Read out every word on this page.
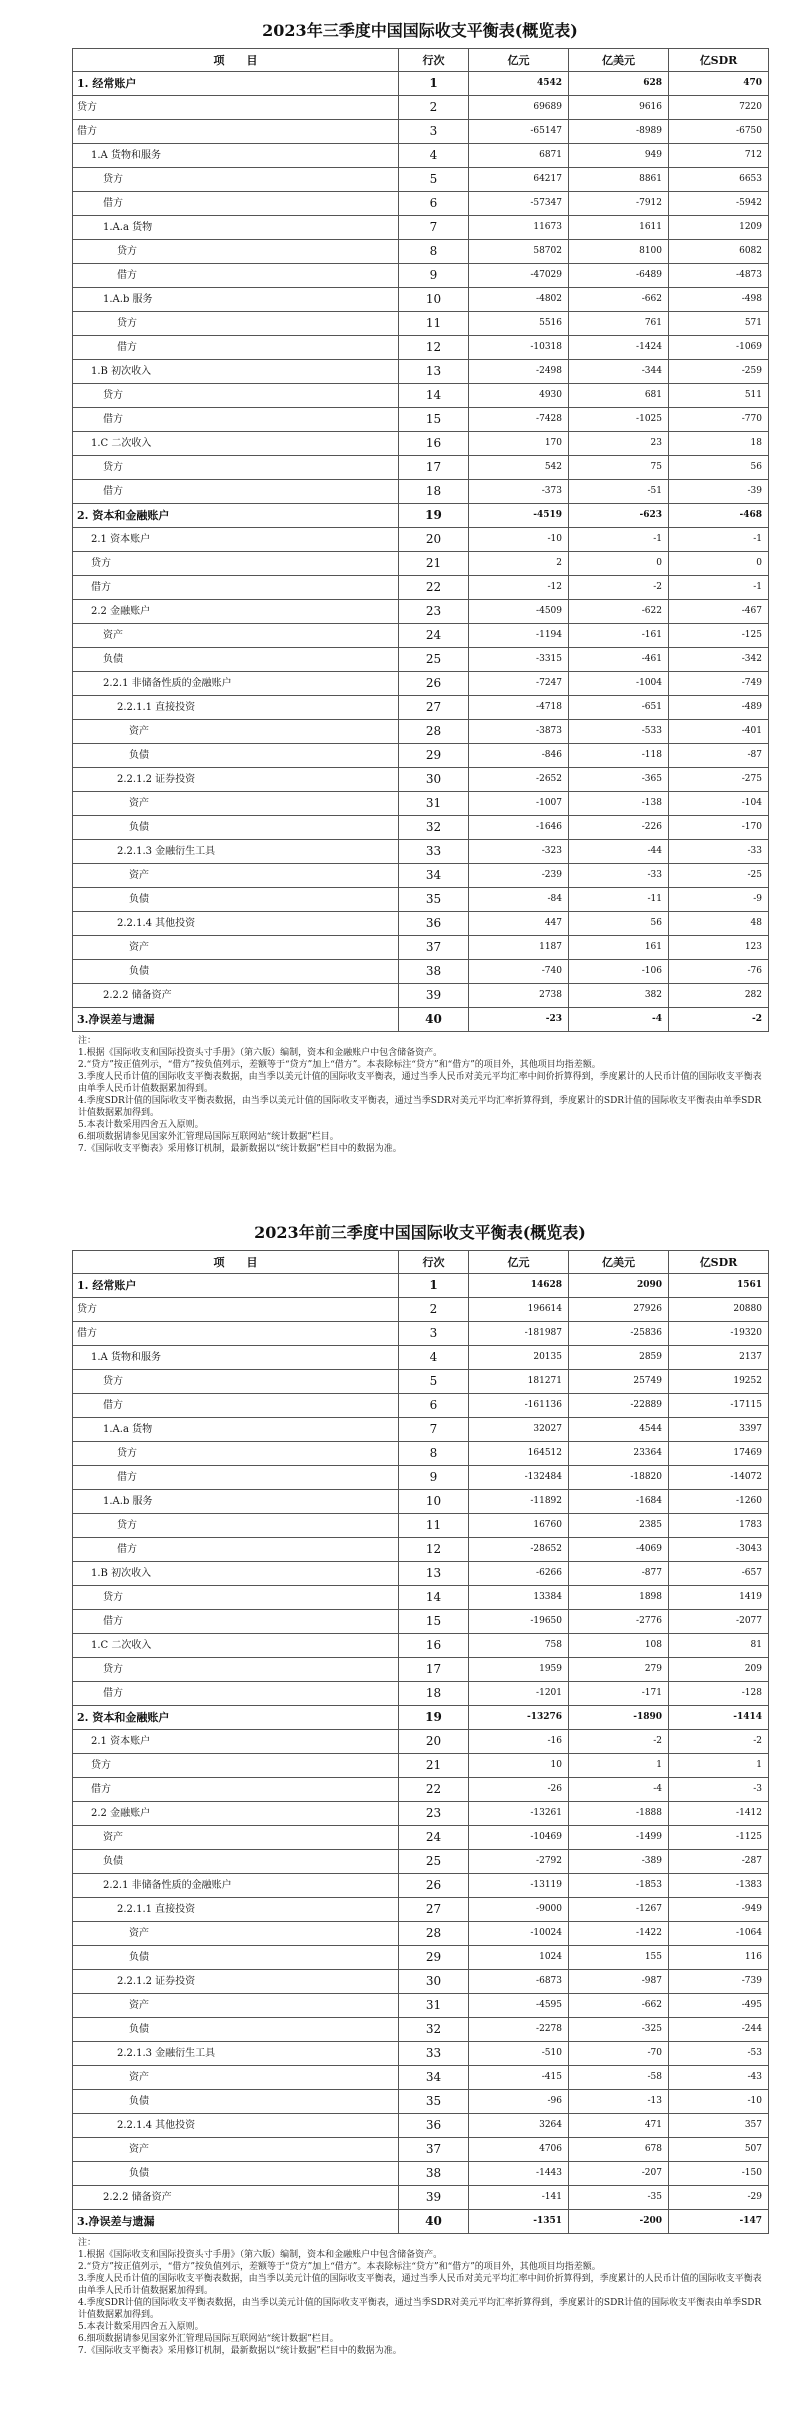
2023年三季度中国国际收支平衡表(概览表)
项　　目	行次	亿元	亿美元	亿SDR
1. 经常账户	1	4542	628	470
贷方	2	69689	9616	7220
借方	3	-65147	-8989	-6750
1.A 货物和服务	4	6871	949	712
贷方	5	64217	8861	6653
借方	6	-57347	-7912	-5942
1.A.a 货物	7	11673	1611	1209
贷方	8	58702	8100	6082
借方	9	-47029	-6489	-4873
1.A.b 服务	10	-4802	-662	-498
贷方	11	5516	761	571
借方	12	-10318	-1424	-1069
1.B 初次收入	13	-2498	-344	-259
贷方	14	4930	681	511
借方	15	-7428	-1025	-770
1.C 二次收入	16	170	23	18
贷方	17	542	75	56
借方	18	-373	-51	-39
2. 资本和金融账户	19	-4519	-623	-468
2.1 资本账户	20	-10	-1	-1
贷方	21	2	0	0
借方	22	-12	-2	-1
2.2 金融账户	23	-4509	-622	-467
资产	24	-1194	-161	-125
负债	25	-3315	-461	-342
2.2.1 非储备性质的金融账户	26	-7247	-1004	-749
2.2.1.1 直接投资	27	-4718	-651	-489
资产	28	-3873	-533	-401
负债	29	-846	-118	-87
2.2.1.2 证券投资	30	-2652	-365	-275
资产	31	-1007	-138	-104
负债	32	-1646	-226	-170
2.2.1.3 金融衍生工具	33	-323	-44	-33
资产	34	-239	-33	-25
负债	35	-84	-11	-9
2.2.1.4 其他投资	36	447	56	48
资产	37	1187	161	123
负债	38	-740	-106	-76
2.2.2 储备资产	39	2738	382	282
3.净误差与遗漏	40	-23	-4	-2
注：
1.根据《国际收支和国际投资头寸手册》（第六版）编制，资本和金融账户中包含储备资产。
2.“贷方”按正值列示，“借方”按负值列示，差额等于“贷方”加上“借方”。本表除标注“贷方”和“借方”的项目外，其他项目均指差额。
3.季度人民币计值的国际收支平衡表数据，由当季以美元计值的国际收支平衡表，通过当季人民币对美元平均汇率中间价折算得到，季度累计的人民币计值的国际收支平衡表由单季人民币计值数据累加得到。
4.季度SDR计值的国际收支平衡表数据，由当季以美元计值的国际收支平衡表，通过当季SDR对美元平均汇率折算得到，季度累计的SDR计值的国际收支平衡表由单季SDR计值数据累加得到。
5.本表计数采用四舍五入原则。
6.细项数据请参见国家外汇管理局国际互联网站“统计数据”栏目。
7.《国际收支平衡表》采用修订机制，最新数据以“统计数据”栏目中的数据为准。
2023年前三季度中国国际收支平衡表(概览表)
项　　目	行次	亿元	亿美元	亿SDR
1. 经常账户	1	14628	2090	1561
贷方	2	196614	27926	20880
借方	3	-181987	-25836	-19320
1.A 货物和服务	4	20135	2859	2137
贷方	5	181271	25749	19252
借方	6	-161136	-22889	-17115
1.A.a 货物	7	32027	4544	3397
贷方	8	164512	23364	17469
借方	9	-132484	-18820	-14072
1.A.b 服务	10	-11892	-1684	-1260
贷方	11	16760	2385	1783
借方	12	-28652	-4069	-3043
1.B 初次收入	13	-6266	-877	-657
贷方	14	13384	1898	1419
借方	15	-19650	-2776	-2077
1.C 二次收入	16	758	108	81
贷方	17	1959	279	209
借方	18	-1201	-171	-128
2. 资本和金融账户	19	-13276	-1890	-1414
2.1 资本账户	20	-16	-2	-2
贷方	21	10	1	1
借方	22	-26	-4	-3
2.2 金融账户	23	-13261	-1888	-1412
资产	24	-10469	-1499	-1125
负债	25	-2792	-389	-287
2.2.1 非储备性质的金融账户	26	-13119	-1853	-1383
2.2.1.1 直接投资	27	-9000	-1267	-949
资产	28	-10024	-1422	-1064
负债	29	1024	155	116
2.2.1.2 证券投资	30	-6873	-987	-739
资产	31	-4595	-662	-495
负债	32	-2278	-325	-244
2.2.1.3 金融衍生工具	33	-510	-70	-53
资产	34	-415	-58	-43
负债	35	-96	-13	-10
2.2.1.4 其他投资	36	3264	471	357
资产	37	4706	678	507
负债	38	-1443	-207	-150
2.2.2 储备资产	39	-141	-35	-29
3.净误差与遗漏	40	-1351	-200	-147
注：
1.根据《国际收支和国际投资头寸手册》（第六版）编制，资本和金融账户中包含储备资产。
2.“贷方”按正值列示，“借方”按负值列示，差额等于“贷方”加上“借方”。本表除标注“贷方”和“借方”的项目外，其他项目均指差额。
3.季度人民币计值的国际收支平衡表数据，由当季以美元计值的国际收支平衡表，通过当季人民币对美元平均汇率中间价折算得到，季度累计的人民币计值的国际收支平衡表由单季人民币计值数据累加得到。
4.季度SDR计值的国际收支平衡表数据，由当季以美元计值的国际收支平衡表，通过当季SDR对美元平均汇率折算得到，季度累计的SDR计值的国际收支平衡表由单季SDR计值数据累加得到。
5.本表计数采用四舍五入原则。
6.细项数据请参见国家外汇管理局国际互联网站“统计数据”栏目。
7.《国际收支平衡表》采用修订机制，最新数据以“统计数据”栏目中的数据为准。
